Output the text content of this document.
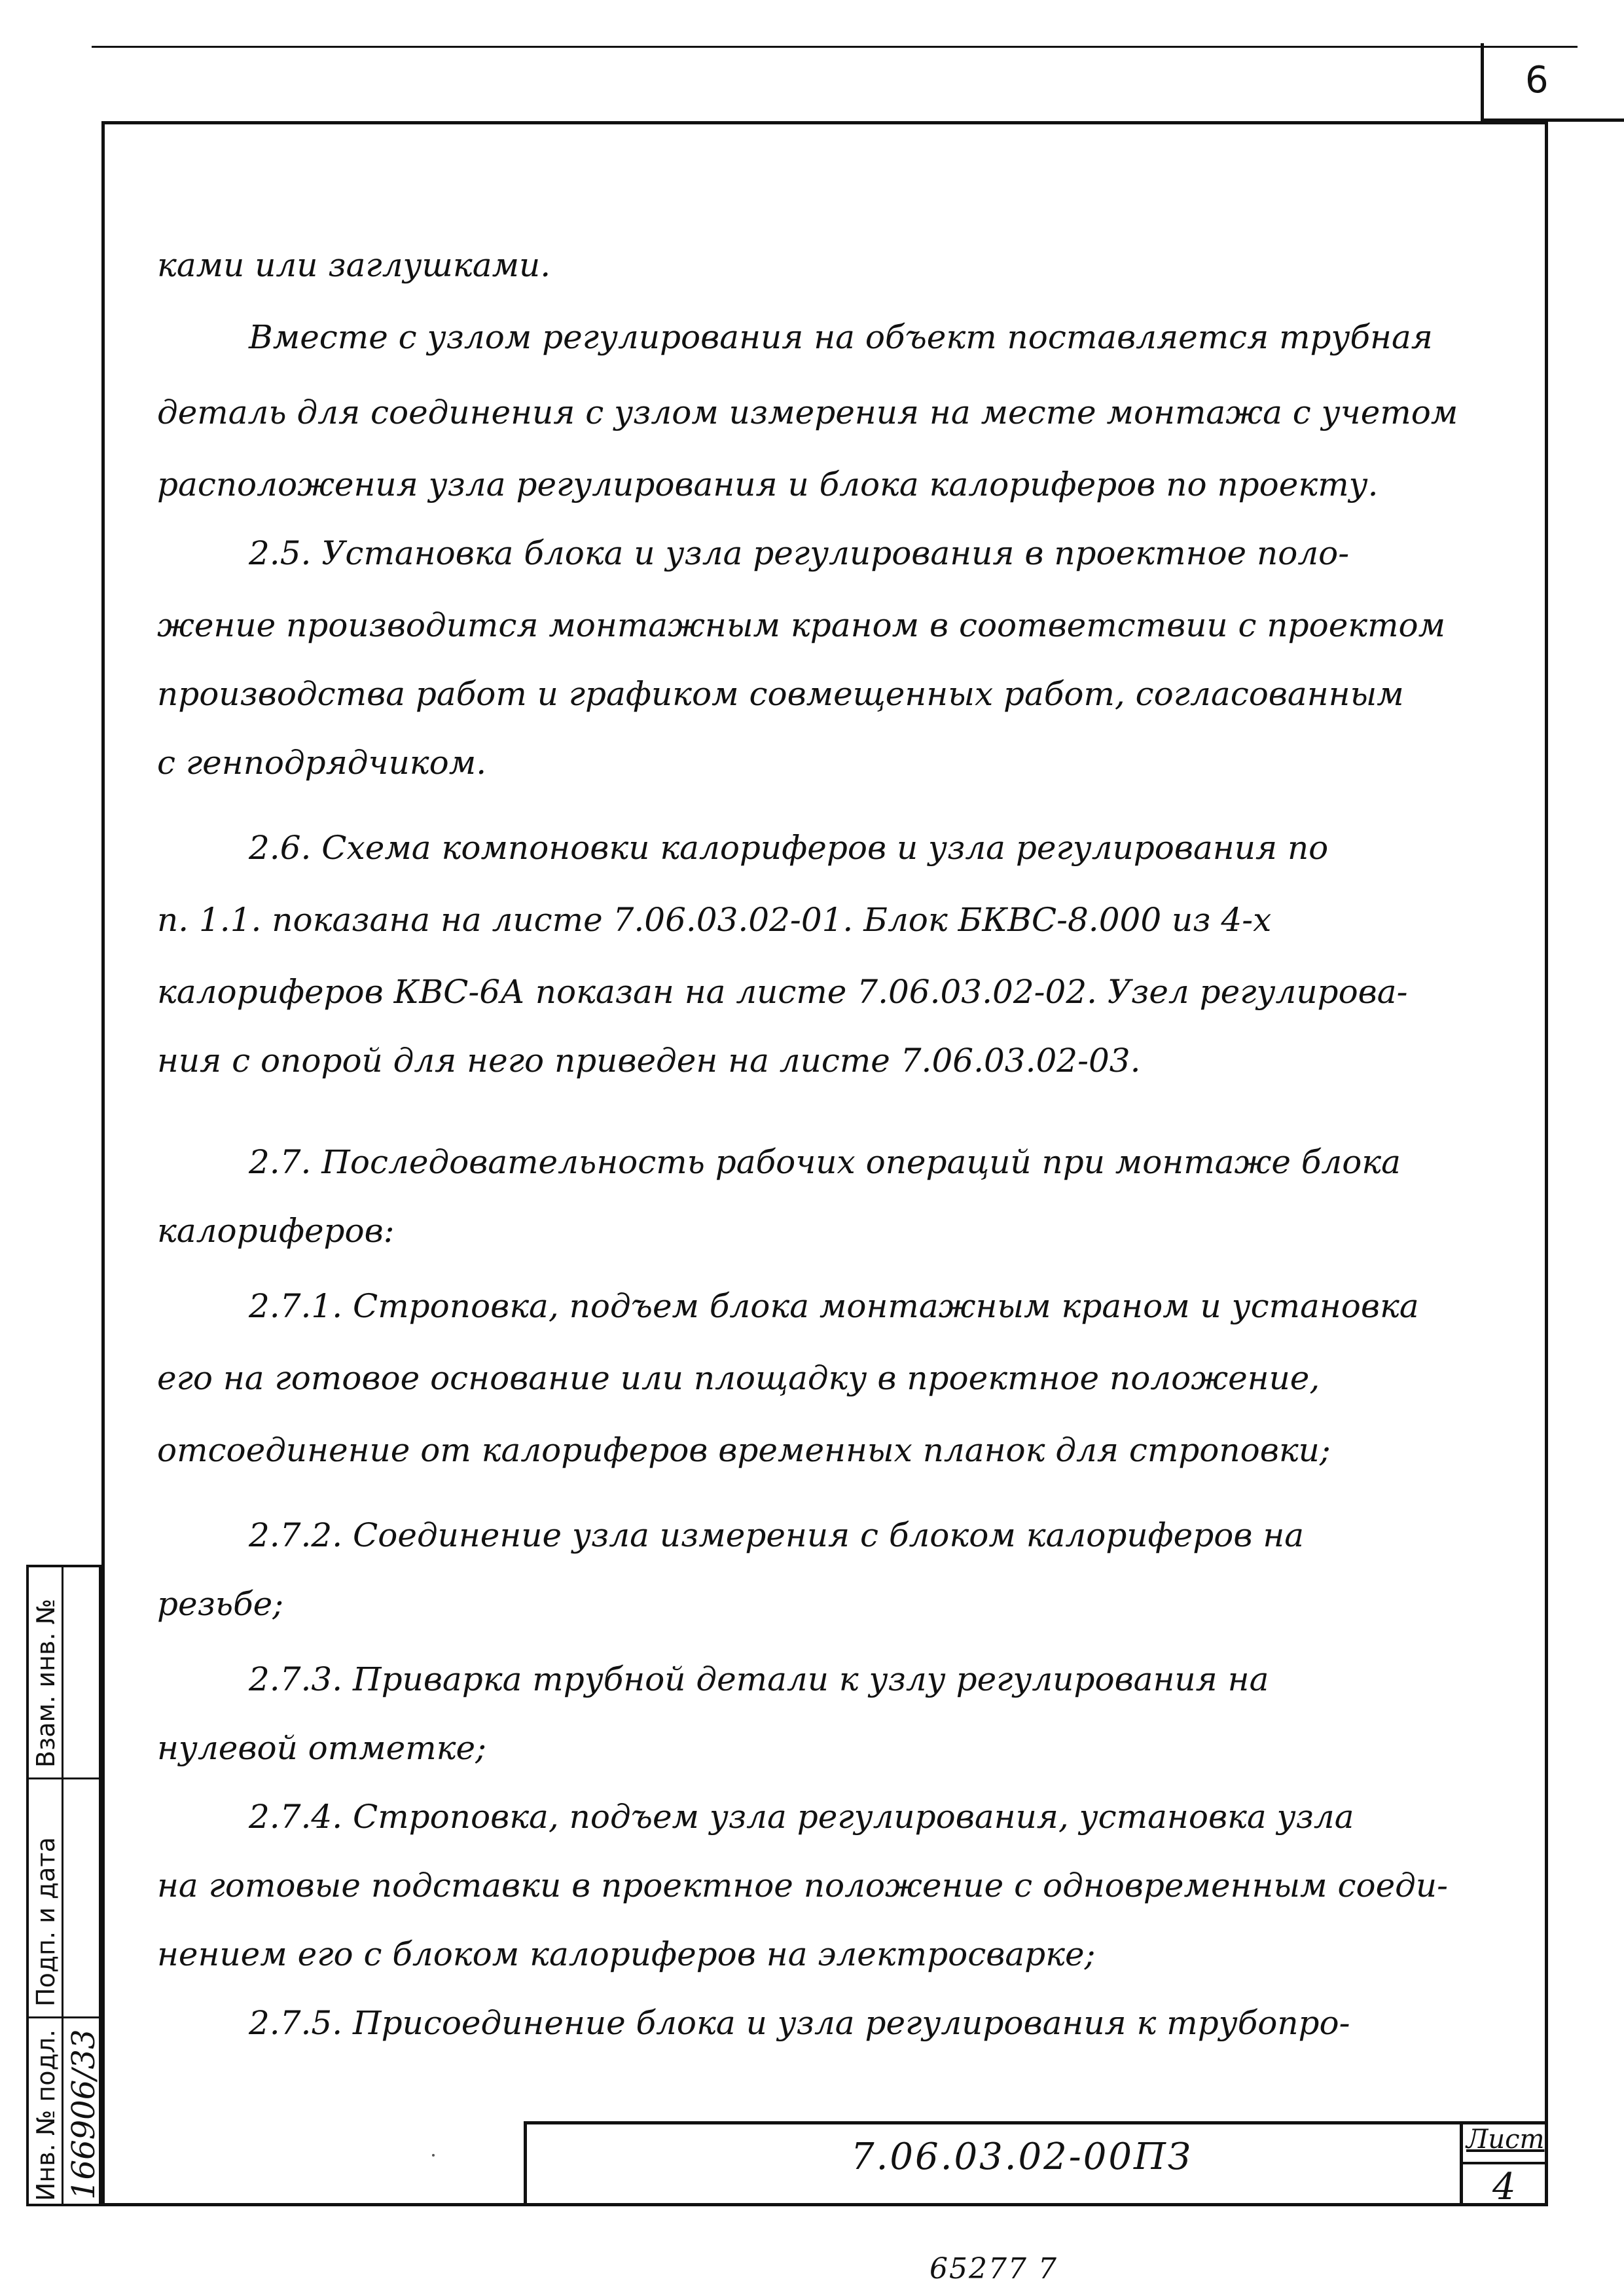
6
ками или заглушками.
Вместе с узлом регулирования на объект поставляется трубная
деталь для соединения с узлом измерения на месте монтажа с учетом
расположения узла регулирования и блока калориферов по проекту.
2.5. Установка блока и узла регулирования в проектное поло-
жение производится монтажным краном в соответствии с проектом
производства работ и графиком совмещенных работ, согласованным
с генподрядчиком.
2.6. Схема компоновки калориферов и узла регулирования по
п. 1.1. показана на листе 7.06.03.02-01. Блок БКВС-8.000 из 4-х
калориферов КВС-6А показан на листе 7.06.03.02-02. Узел регулирова-
ния с опорой для него приведен на листе 7.06.03.02-03.
2.7. Последовательность рабочих операций при монтаже блока
калориферов:
2.7.1. Строповка, подъем блока монтажным краном и установка
его на готовое основание или площадку в проектное положение,
отсоединение от калориферов временных планок для строповки;
2.7.2. Соединение узла измерения с блоком калориферов на
резьбе;
2.7.3. Приварка трубной детали к узлу регулирования на
нулевой отметке;
2.7.4. Строповка, подъем узла регулирования, установка узла
на готовые подставки в проектное положение с одновременным соеди-
нением его с блоком калориферов на электросварке;
2.7.5. Присоединение блока и узла регулирования к трубопро-
7.06.03.02-00ПЗ	Лист
4
65277 7
Взам. инв. №
Подп. и дата
Инв. № подл. 166906/33
